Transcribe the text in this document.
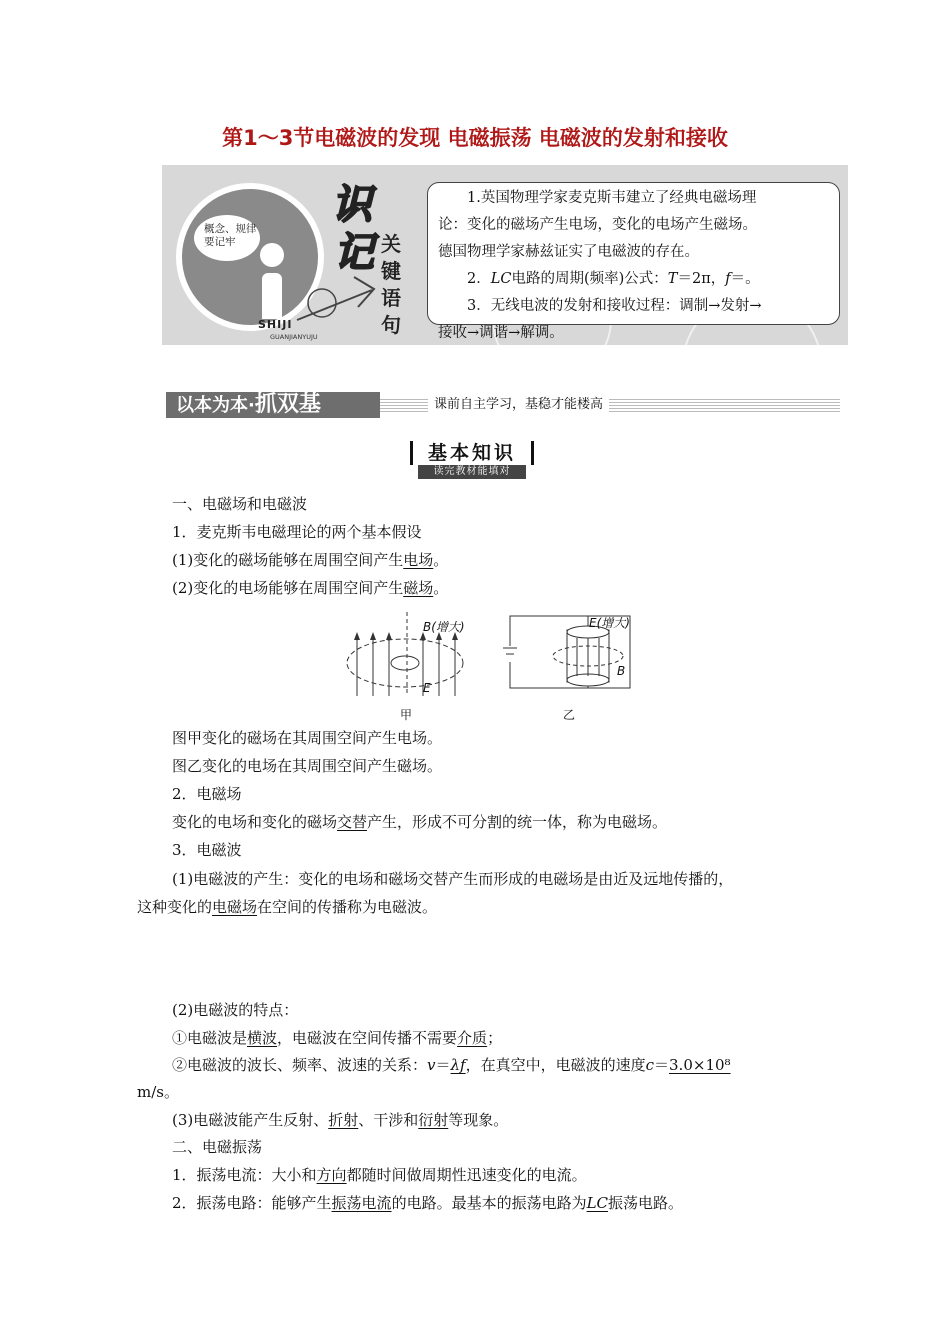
第1～3节电磁波的发现 电磁振荡 电磁波的发射和接收
概念、规律
要记牢
SHIJI
GUANJIANYUJU
识
记 关
键
语
句

1.英国物理学家麦克斯韦建立了经典电磁场理

论：变化的磁场产生电场，变化的电场产生磁场。

德国物理学家赫兹证实了电磁波的存在。

2．LC电路的周期(频率)公式：T＝2π，f＝。

3．无线电波的发射和接收过程：调制→发射→

接收→调谐→解调。

以本为本·抓双基	课前自主学习，基稳才能楼高
基本知识
读完教材能填对
一、电磁场和电磁波
1．麦克斯韦电磁理论的两个基本假设
(1)变化的磁场能够在周围空间产生电场。
(2)变化的电场能够在周围空间产生磁场。
B(增大)
E
E(增大)
B
甲	乙
图甲变化的磁场在其周围空间产生电场。
图乙变化的电场在其周围空间产生磁场。
2．电磁场
变化的电场和变化的磁场交替产生，形成不可分割的统一体，称为电磁场。
3．电磁波
(1)电磁波的产生：变化的电场和磁场交替产生而形成的电磁场是由近及远地传播的，
这种变化的电磁场在空间的传播称为电磁波。
(2)电磁波的特点：
①电磁波是横波，电磁波在空间传播不需要介质；
②电磁波的波长、频率、波速的关系：v＝λf，在真空中，电磁波的速度c＝3.0×10⁸
m/s。
(3)电磁波能产生反射、折射、干涉和衍射等现象。
二、电磁振荡
1．振荡电流：大小和方向都随时间做周期性迅速变化的电流。
2．振荡电路：能够产生振荡电流的电路。最基本的振荡电路为LC振荡电路。
